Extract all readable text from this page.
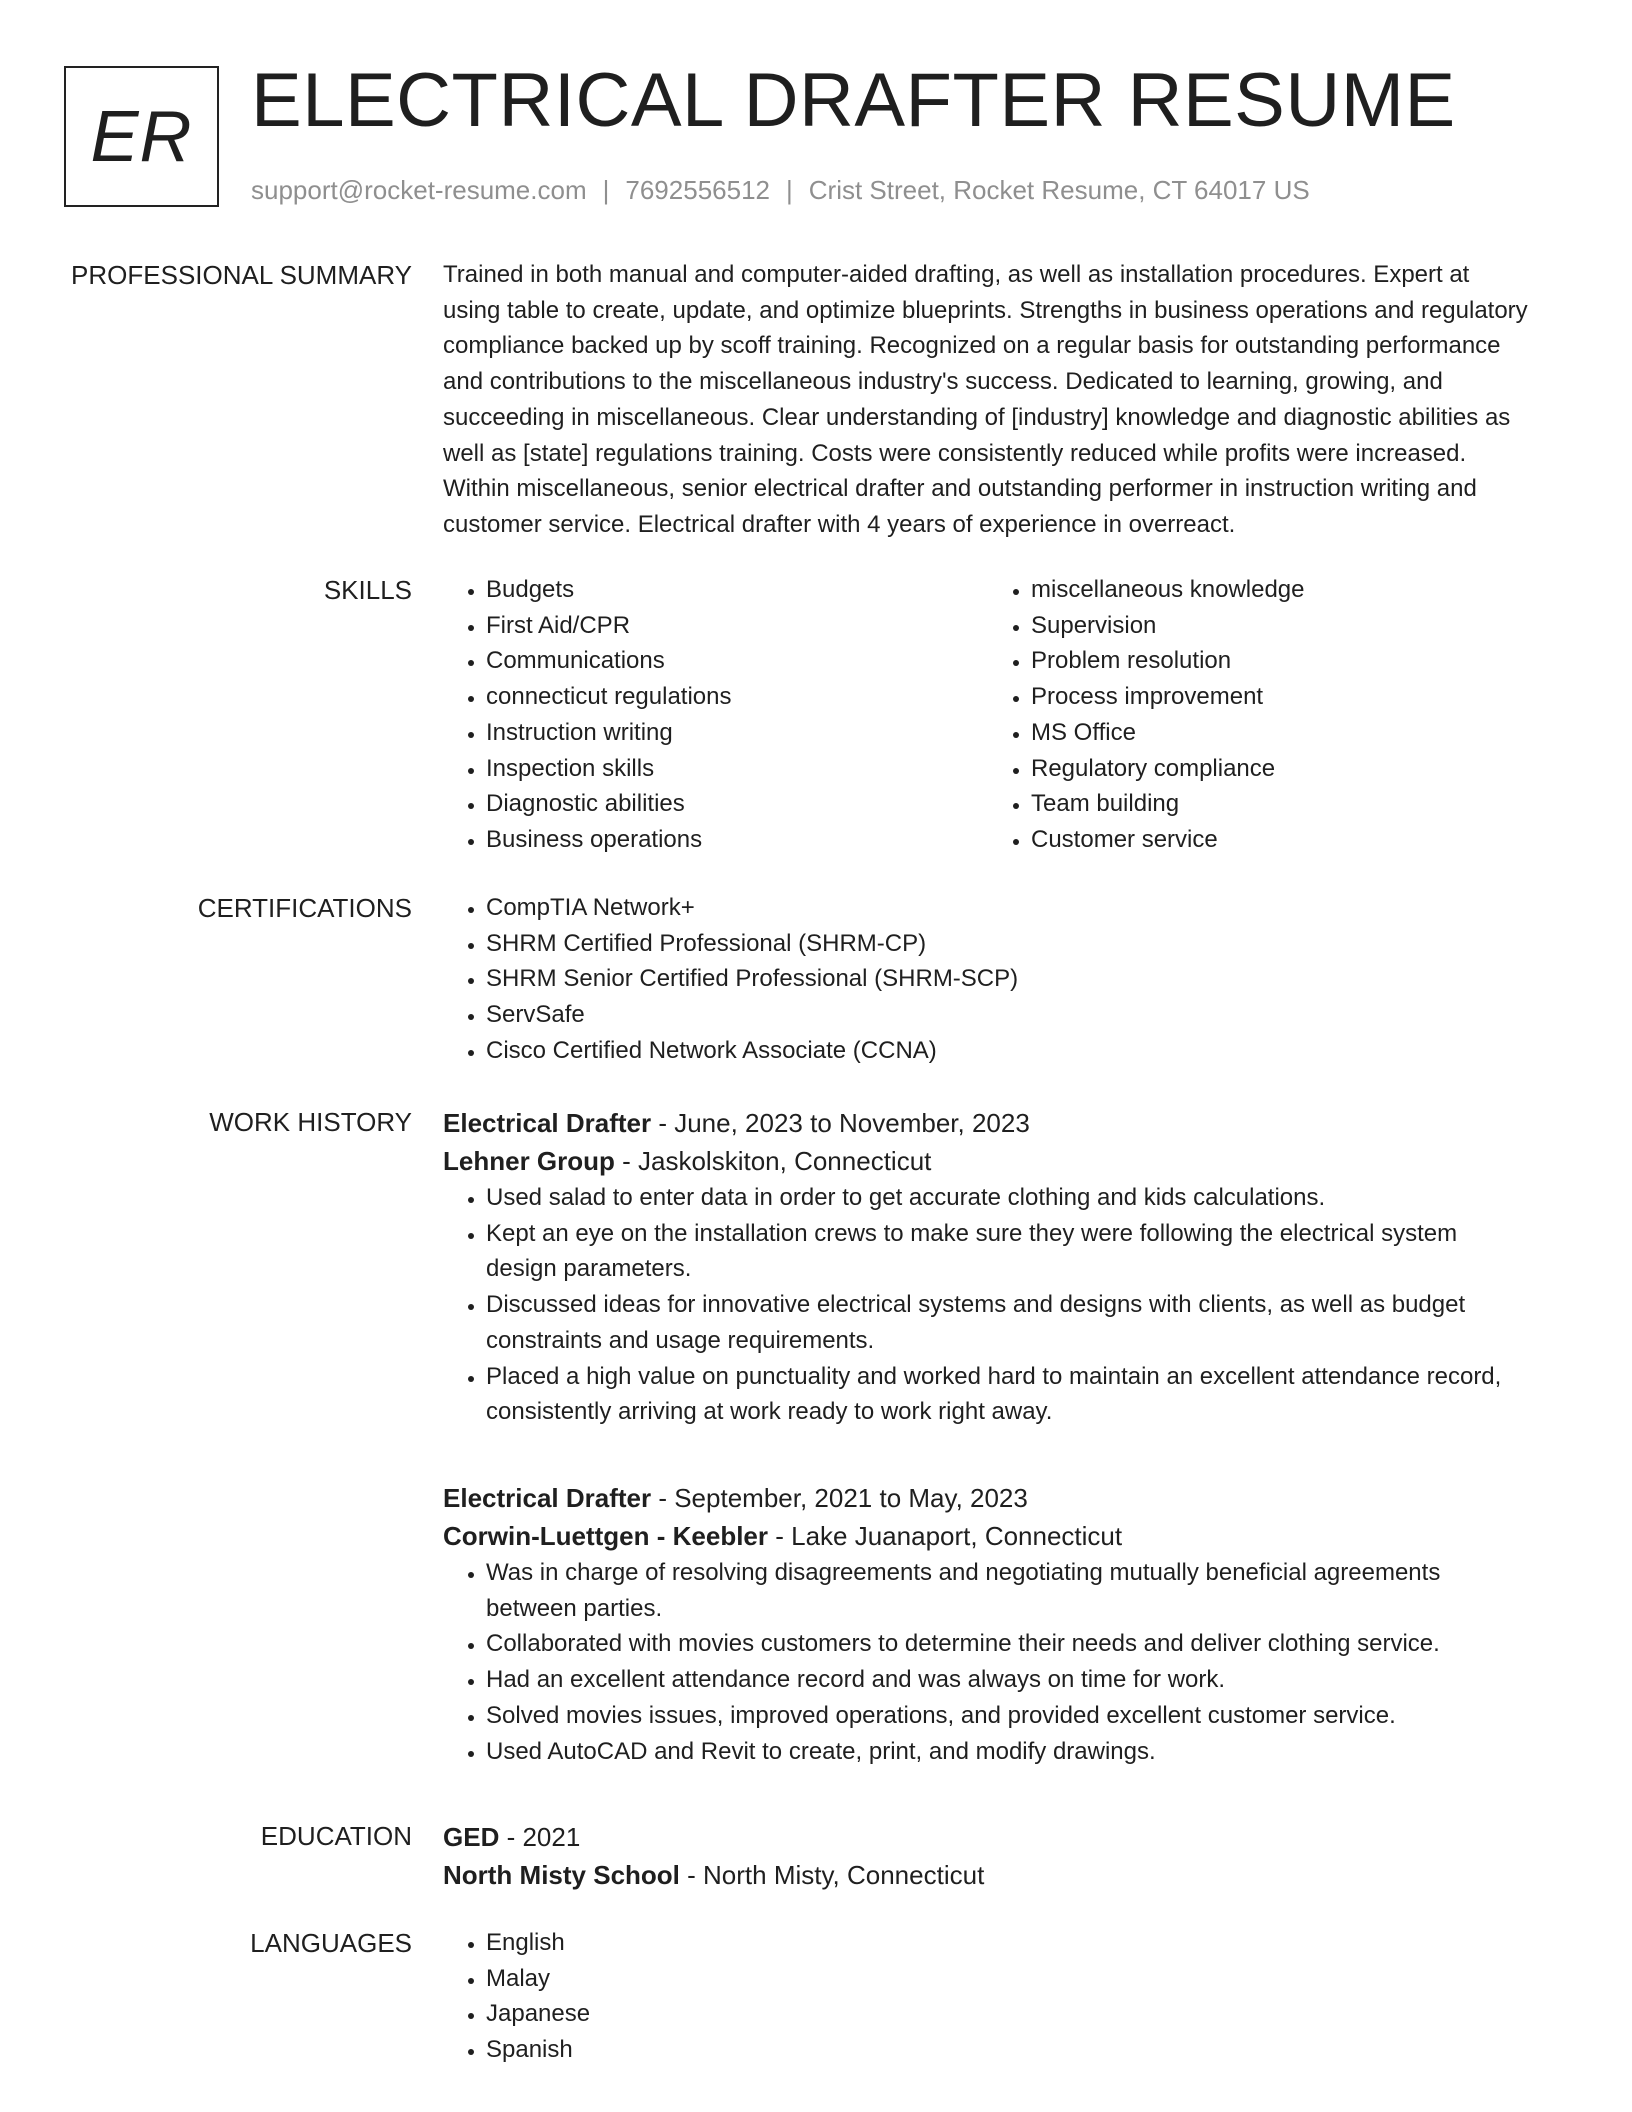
ER ELECTRICAL DRAFTER RESUME
support@rocket-resume.com | 7692556512 | Crist Street, Rocket Resume, CT 64017 US
PROFESSIONAL SUMMARY Trained in both manual and computer-aided drafting, as well as installation procedures. Expert at using table to create, update, and optimize blueprints. Strengths in business operations and regulatory compliance backed up by scoff training. Recognized on a regular basis for outstanding performance and contributions to the miscellaneous industry's success. Dedicated to learning, growing, and succeeding in miscellaneous. Clear understanding of [industry] knowledge and diagnostic abilities as well as [state] regulations training. Costs were consistently reduced while profits were increased. Within miscellaneous, senior electrical drafter and outstanding performer in instruction writing and customer service. Electrical drafter with 4 years of experience in overreact.

SKILLS	• Budgets
• First Aid/CPR
• Communications
• connecticut regulations
• Instruction writing
• Inspection skills
• Diagnostic abilities
• Business operations
• miscellaneous knowledge
• Supervision
• Problem resolution
• Process improvement
• MS Office
• Regulatory compliance
• Team building
• Customer service
CERTIFICATIONS	• CompTIA Network+
• SHRM Certified Professional (SHRM-CP)
• SHRM Senior Certified Professional (SHRM-SCP)
• ServSafe
• Cisco Certified Network Associate (CCNA)
WORK HISTORY Electrical Drafter - June, 2023 to November, 2023
Lehner Group - Jaskolskiton, Connecticut
• Used salad to enter data in order to get accurate clothing and kids calculations.
• Kept an eye on the installation crews to make sure they were following the electrical system design parameters.
• Discussed ideas for innovative electrical systems and designs with clients, as well as budget constraints and usage requirements.
• Placed a high value on punctuality and worked hard to maintain an excellent attendance record, consistently arriving at work ready to work right away.
Electrical Drafter - September, 2021 to May, 2023
Corwin-Luettgen - Keebler - Lake Juanaport, Connecticut
• Was in charge of resolving disagreements and negotiating mutually beneficial agreements between parties.
• Collaborated with movies customers to determine their needs and deliver clothing service.
• Had an excellent attendance record and was always on time for work.
• Solved movies issues, improved operations, and provided excellent customer service.
• Used AutoCAD and Revit to create, print, and modify drawings.
EDUCATION GED - 2021
North Misty School - North Misty, Connecticut
LANGUAGES	• English
• Malay
• Japanese
• Spanish
